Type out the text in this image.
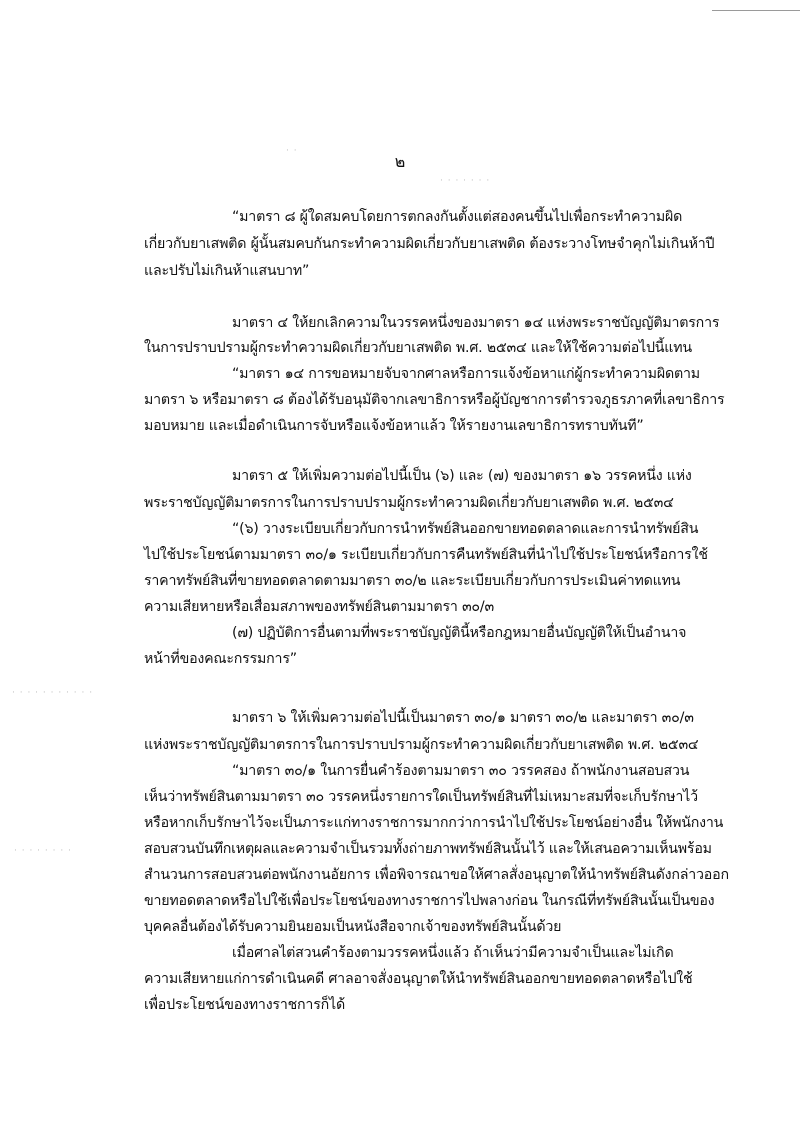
· ·
· · · · · · ·
· · · · · · · · · · ·
· · · · · · · ·
๒
“มาตรา ๘ ผู้ใดสมคบโดยการตกลงกันตั้งแต่สองคนขึ้นไปเพื่อกระทำความผิด
เกี่ยวกับยาเสพติด ผู้นั้นสมคบกันกระทำความผิดเกี่ยวกับยาเสพติด ต้องระวางโทษจำคุกไม่เกินห้าปี
และปรับไม่เกินห้าแสนบาท”
มาตรา ๔ ให้ยกเลิกความในวรรคหนึ่งของมาตรา ๑๔ แห่งพระราชบัญญัติมาตรการ
ในการปราบปรามผู้กระทำความผิดเกี่ยวกับยาเสพติด พ.ศ. ๒๕๓๔ และให้ใช้ความต่อไปนี้แทน
“มาตรา ๑๔ การขอหมายจับจากศาลหรือการแจ้งข้อหาแก่ผู้กระทำความผิดตาม
มาตรา ๖ หรือมาตรา ๘ ต้องได้รับอนุมัติจากเลขาธิการหรือผู้บัญชาการตำรวจภูธรภาคที่เลขาธิการ
มอบหมาย และเมื่อดำเนินการจับหรือแจ้งข้อหาแล้ว ให้รายงานเลขาธิการทราบทันที”
มาตรา ๕ ให้เพิ่มความต่อไปนี้เป็น (๖) และ (๗) ของมาตรา ๑๖ วรรคหนึ่ง แห่ง
พระราชบัญญัติมาตรการในการปราบปรามผู้กระทำความผิดเกี่ยวกับยาเสพติด พ.ศ. ๒๕๓๔
“(๖) วางระเบียบเกี่ยวกับการนำทรัพย์สินออกขายทอดตลาดและการนำทรัพย์สิน
ไปใช้ประโยชน์ตามมาตรา ๓๐/๑ ระเบียบเกี่ยวกับการคืนทรัพย์สินที่นำไปใช้ประโยชน์หรือการใช้
ราคาทรัพย์สินที่ขายทอดตลาดตามมาตรา ๓๐/๒ และระเบียบเกี่ยวกับการประเมินค่าทดแทน
ความเสียหายหรือเสื่อมสภาพของทรัพย์สินตามมาตรา ๓๐/๓
(๗) ปฏิบัติการอื่นตามที่พระราชบัญญัตินี้หรือกฎหมายอื่นบัญญัติให้เป็นอำนาจ
หน้าที่ของคณะกรรมการ”
มาตรา ๖ ให้เพิ่มความต่อไปนี้เป็นมาตรา ๓๐/๑ มาตรา ๓๐/๒ และมาตรา ๓๐/๓
แห่งพระราชบัญญัติมาตรการในการปราบปรามผู้กระทำความผิดเกี่ยวกับยาเสพติด พ.ศ. ๒๕๓๔
“มาตรา ๓๐/๑ ในการยื่นคำร้องตามมาตรา ๓๐ วรรคสอง ถ้าพนักงานสอบสวน
เห็นว่าทรัพย์สินตามมาตรา ๓๐ วรรคหนึ่งรายการใดเป็นทรัพย์สินที่ไม่เหมาะสมที่จะเก็บรักษาไว้
หรือหากเก็บรักษาไว้จะเป็นภาระแก่ทางราชการมากกว่าการนำไปใช้ประโยชน์อย่างอื่น ให้พนักงาน
สอบสวนบันทึกเหตุผลและความจำเป็นรวมทั้งถ่ายภาพทรัพย์สินนั้นไว้ และให้เสนอความเห็นพร้อม
สำนวนการสอบสวนต่อพนักงานอัยการ เพื่อพิจารณาขอให้ศาลสั่งอนุญาตให้นำทรัพย์สินดังกล่าวออก
ขายทอดตลาดหรือไปใช้เพื่อประโยชน์ของทางราชการไปพลางก่อน ในกรณีที่ทรัพย์สินนั้นเป็นของ
บุคคลอื่นต้องได้รับความยินยอมเป็นหนังสือจากเจ้าของทรัพย์สินนั้นด้วย
เมื่อศาลไต่สวนคำร้องตามวรรคหนึ่งแล้ว ถ้าเห็นว่ามีความจำเป็นและไม่เกิด
ความเสียหายแก่การดำเนินคดี ศาลอาจสั่งอนุญาตให้นำทรัพย์สินออกขายทอดตลาดหรือไปใช้
เพื่อประโยชน์ของทางราชการก็ได้
